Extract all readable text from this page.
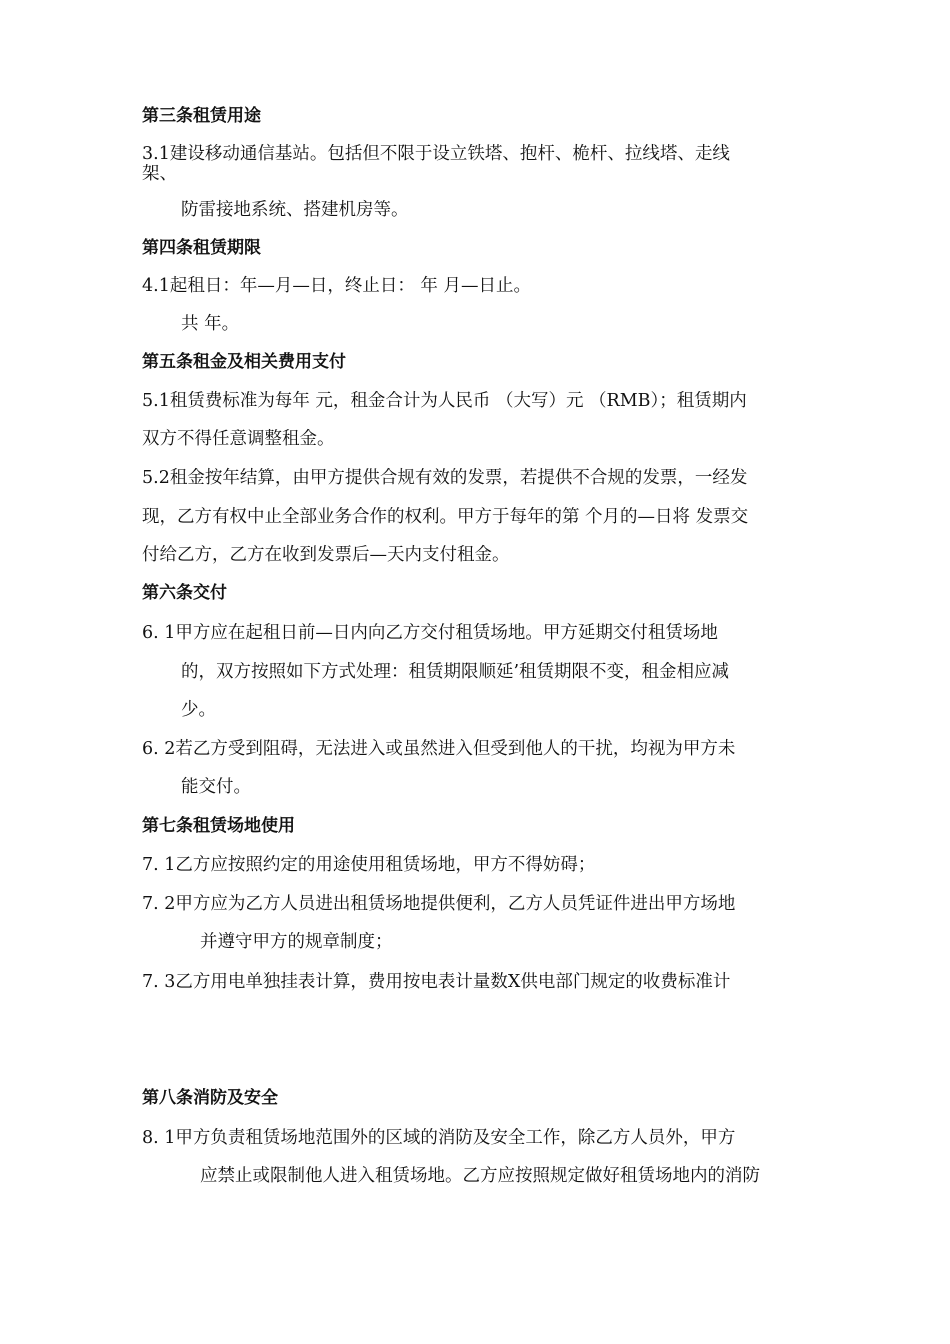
第三条租赁用途
3.1建设移动通信基站。包括但不限于设立铁塔、抱杆、桅杆、拉线塔、走线
架、
防雷接地系统、搭建机房等。
第四条租赁期限
4.1起租日：年—月—日，终止日： 年 月—日止。
共 年。
第五条租金及相关费用支付
5.1租赁费标准为每年 元，租金合计为人民币 （大写）元 （RMB）；租赁期内
双方不得任意调整租金。
5.2租金按年结算，由甲方提供合规有效的发票，若提供不合规的发票，一经发
现，乙方有权中止全部业务合作的权利。甲方于每年的第 个月的—日将 发票交
付给乙方，乙方在收到发票后—天内支付租金。
第六条交付
6. 1甲方应在起租日前—日内向乙方交付租赁场地。甲方延期交付租赁场地
的，双方按照如下方式处理：租赁期限顺延’租赁期限不变，租金相应减
少。
6. 2若乙方受到阻碍，无法进入或虽然进入但受到他人的干扰，均视为甲方未
能交付。
第七条租赁场地使用
7. 1乙方应按照约定的用途使用租赁场地，甲方不得妨碍；
7. 2甲方应为乙方人员进出租赁场地提供便利，乙方人员凭证件进出甲方场地
并遵守甲方的规章制度；
7. 3乙方用电单独挂表计算，费用按电表计量数X供电部门规定的收费标准计
第八条消防及安全
8. 1甲方负责租赁场地范围外的区域的消防及安全工作，除乙方人员外，甲方
应禁止或限制他人进入租赁场地。乙方应按照规定做好租赁场地内的消防
